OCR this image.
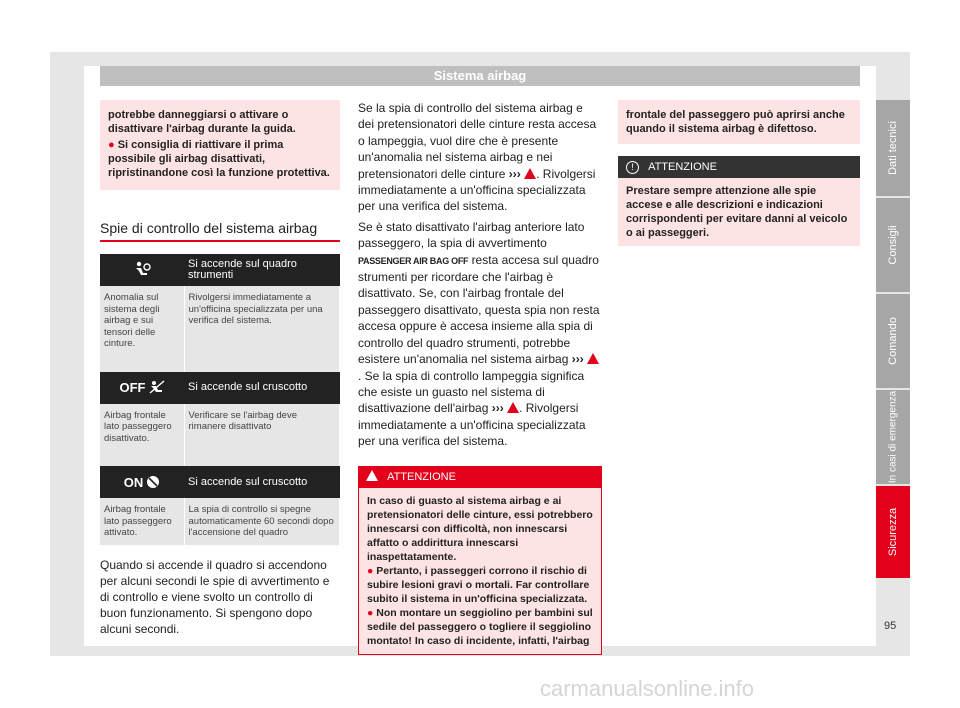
Sistema airbag

potrebbe danneggiarsi o attivare o disattivare l'airbag durante la guida.

● Si consiglia di riattivare il prima possibile gli airbag disattivati, ripristinandone così la funzione protettiva.

Spie di controllo del sistema airbag
	Si accende sul quadro strumenti
Anomalia sul sistema degli airbag e sui tensori delle cinture.	Rivolgersi immediatamente a un'officina specializzata per una verifica del sistema.

OFF	Si accende sul cruscotto
Airbag frontale lato passeggero disattivato.	Verificare se l'airbag deve rimanere disattivato

ON	Si accende sul cruscotto
Airbag frontale lato passeggero attivato.	La spia di controllo si spegne automaticamente 60 secondi dopo l'accensione del quadro

Quando si accende il quadro si accendono per alcuni secondi le spie di avvertimento e di controllo e viene svolto un controllo di buon funzionamento. Si spengono dopo alcuni secondi.

Se la spia di controllo del sistema airbag e dei pretensionatori delle cinture resta accesa o lampeggia, vuol dire che è presente un'anomalia nel sistema airbag e nei pretensionatori delle cinture ››› . Rivolgersi immediatamente a un'officina specializzata per una verifica del sistema.

Se è stato disattivato l'airbag anteriore lato passeggero, la spia di avvertimento PASSENGER AIR BAG OFF resta accesa sul quadro strumenti per ricordare che l'airbag è disattivato. Se, con l'airbag frontale del passeggero disattivato, questa spia non resta accesa oppure è accesa insieme alla spia di controllo del quadro strumenti, potrebbe esistere un'anomalia nel sistema airbag ››› . Se la spia di controllo lampeggia significa che esiste un guasto nel sistema di disattivazione dell'airbag ››› . Rivolgersi immediatamente a un'officina specializzata per una verifica del sistema.

ATTENZIONE

In caso di guasto al sistema airbag e ai pretensionatori delle cinture, essi potrebbero innescarsi con difficoltà, non innescarsi affatto o addirittura innescarsi inaspettatamente.

● Pertanto, i passeggeri corrono il rischio di subire lesioni gravi o mortali. Far controllare subito il sistema in un'officina specializzata.

● Non montare un seggiolino per bambini sul sedile del passeggero o togliere il seggiolino montato! In caso di incidente, infatti, l'airbag

frontale del passeggero può aprirsi anche quando il sistema airbag è difettoso.
! ATTENZIONE
Prestare sempre attenzione alle spie accese e alle descrizioni e indicazioni corrispondenti per evitare danni al veicolo o ai passeggeri.
Dati tecnici
Consigli
Comando
In casi di emergenza
Sicurezza
95
carmanualsonline.info
